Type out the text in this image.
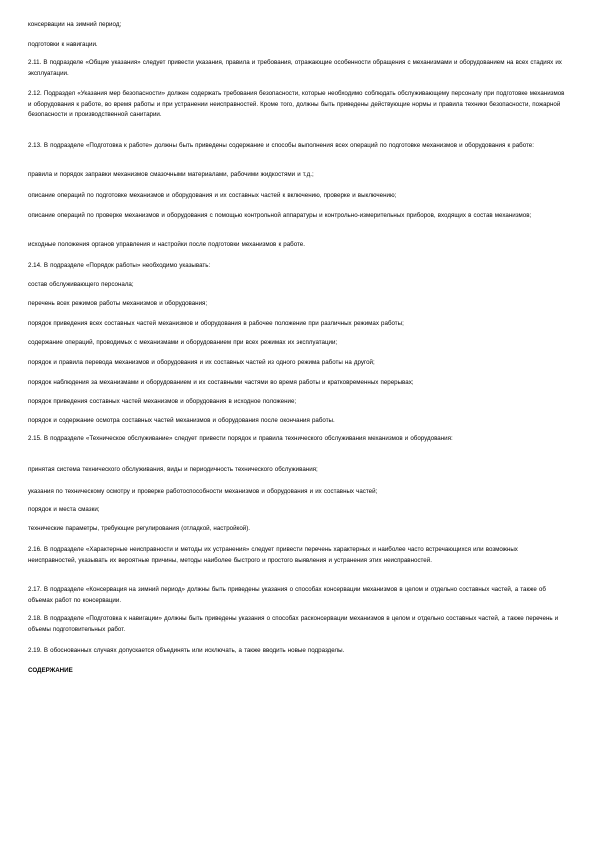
консервации на зимний период;

подготовки к навигации.

2.11. В подразделе «Общие указания» следует привести указания, правила и требования, отражающие особенности обращения с механизмами и оборудованием на всех стадиях их эксплуатации.

2.12. Подраздел «Указания мер безопасности» должен содержать требования безопасности, которые необходимо соблюдать обслуживающему персоналу при подготовке механизмов и оборудования к работе, во время работы и при устранении неисправностей. Кроме того, должны быть приведены действующие нормы и правила техники безопасности, пожарной безопасности и производственной санитарии.

2.13. В подразделе «Подготовка к работе» должны быть приведены содержание и способы выполнения всех операций по подготовке механизмов и оборудования к работе:

правила и порядок заправки механизмов смазочными материалами, рабочими жидкостями и т.д.;

описание операций по подготовке механизмов и оборудования и их составных частей к включению, проверке и выключению;

описание операций по проверке механизмов и оборудования с помощью контрольной аппаратуры и контрольно-измерительных приборов, входящих в состав механизмов;

исходные положения органов управления и настройки после подготовки механизмов к работе.

2.14. В подразделе «Порядок работы» необходимо указывать:

состав обслуживающего персонала;

перечень всех режимов работы механизмов и оборудования;

порядок приведения всех составных частей механизмов и оборудования в рабочее положение при различных режимах работы;

содержание операций, проводимых с механизмами и оборудованием при всех режимах их эксплуатации;

порядок и правила перевода механизмов и оборудования и их составных частей из одного режима работы на другой;

порядок наблюдения за механизмами и оборудованием и их составными частями во время работы и кратковременных перерывах;

порядок приведения составных частей механизмов и оборудования в исходное положение;

порядок и содержание осмотра составных частей механизмов и оборудования после окончания работы.

2.15. В подразделе «Техническое обслуживание» следует привести порядок и правила технического обслуживания механизмов и оборудования:

принятая система технического обслуживания, виды и периодичность технического обслуживания;

указания по техническому осмотру и проверке работоспособности механизмов и оборудования и их составных частей;

порядок и места смазки;

технические параметры, требующие регулирования (отладкой, настройкой).

2.16. В подразделе «Характерные неисправности и методы их устранения» следует привести перечень характерных и наиболее часто встречающихся или возможных неисправностей, указывать их вероятные причины, методы наиболее быстрого и простого выявления и устранения этих неисправностей.

2.17. В подразделе «Консервация на зимний период» должны быть приведены указания о способах консервации механизмов в целом и отдельно составных частей, а также об объемах работ по консервации.

2.18. В подразделе «Подготовка к навигации» должны быть приведены указания о способах расконсервации механизмов в целом и отдельно составных частей, а также перечень и объемы подготовительных работ.

2.19. В обоснованных случаях допускается объединять или исключать, а также вводить новые подразделы.

СОДЕРЖАНИЕ
